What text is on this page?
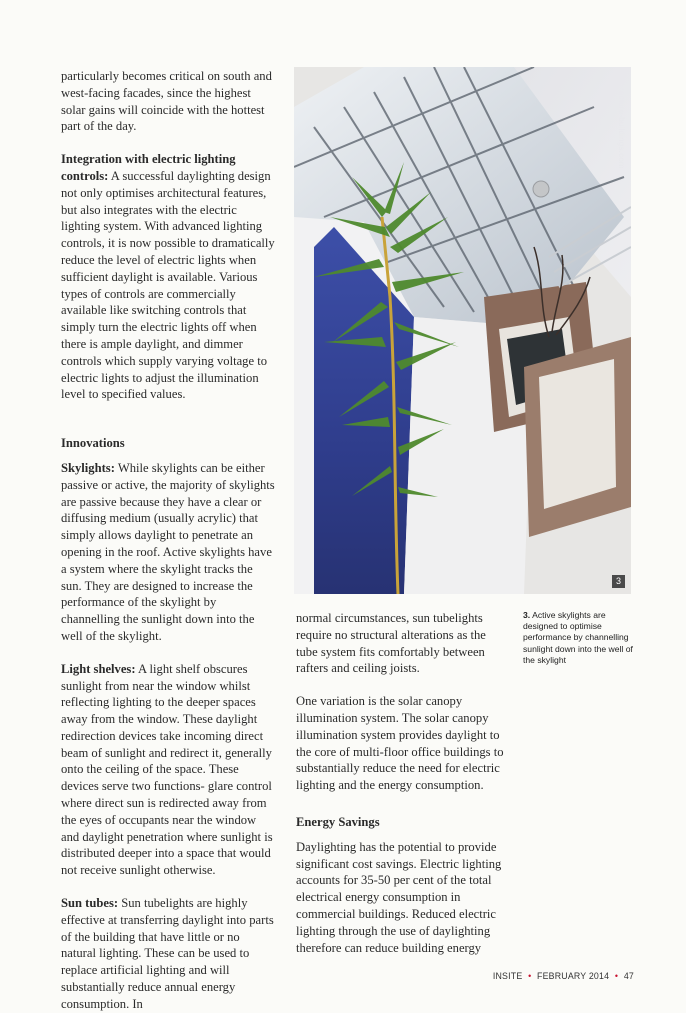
particularly becomes critical on south and west-facing facades, since the highest solar gains will coincide with the hottest part of the day.

Integration with electric lighting controls: A successful daylighting design not only optimises architectural features, but also integrates with the electric lighting system. With advanced lighting controls, it is now possible to dramatically reduce the level of electric lights when sufficient daylight is available. Various types of controls are commercially available like switching controls that simply turn the electric lights off when there is ample daylight, and dimmer controls which supply varying voltage to electric lights to adjust the illumination level to specified values.

Innovations

Skylights: While skylights can be either passive or active, the majority of skylights are passive because they have a clear or diffusing medium (usually acrylic) that simply allows daylight to penetrate an opening in the roof. Active skylights have a system where the skylight tracks the sun. They are designed to increase the performance of the skylight by channelling the sunlight down into the well of the skylight.

Light shelves: A light shelf obscures sunlight from near the window whilst reflecting lighting to the deeper spaces away from the window. These daylight redirection devices take incoming direct beam of sunlight and redirect it, generally onto the ceiling of the space. These devices serve two functions- glare control where direct sun is redirected away from the eyes of occupants near the window and daylight penetration where sunlight is distributed deeper into a space that would not receive sunlight otherwise.

Sun tubes: Sun tubelights are highly effective at transferring daylight into parts of the building that have little or no natural lighting. These can be used to replace artificial lighting and will substantially reduce annual energy consumption. In

architecture-buildings.com
3

normal circumstances, sun tubelights require no structural alterations as the tube system fits comfortably between rafters and ceiling joists.

One variation is the solar canopy illumination system. The solar canopy illumination system provides daylight to the core of multi-floor office buildings to substantially reduce the need for electric lighting and the energy consumption.

Energy Savings

Daylighting has the potential to provide significant cost savings. Electric lighting accounts for 35-50 per cent of the total electrical energy consumption in commercial buildings. Reduced electric lighting through the use of daylighting therefore can reduce building energy

3. Active skylights are designed to optimise performance by channelling sunlight down into the well of the skylight
INSITE • FEBRUARY 2014 • 47
